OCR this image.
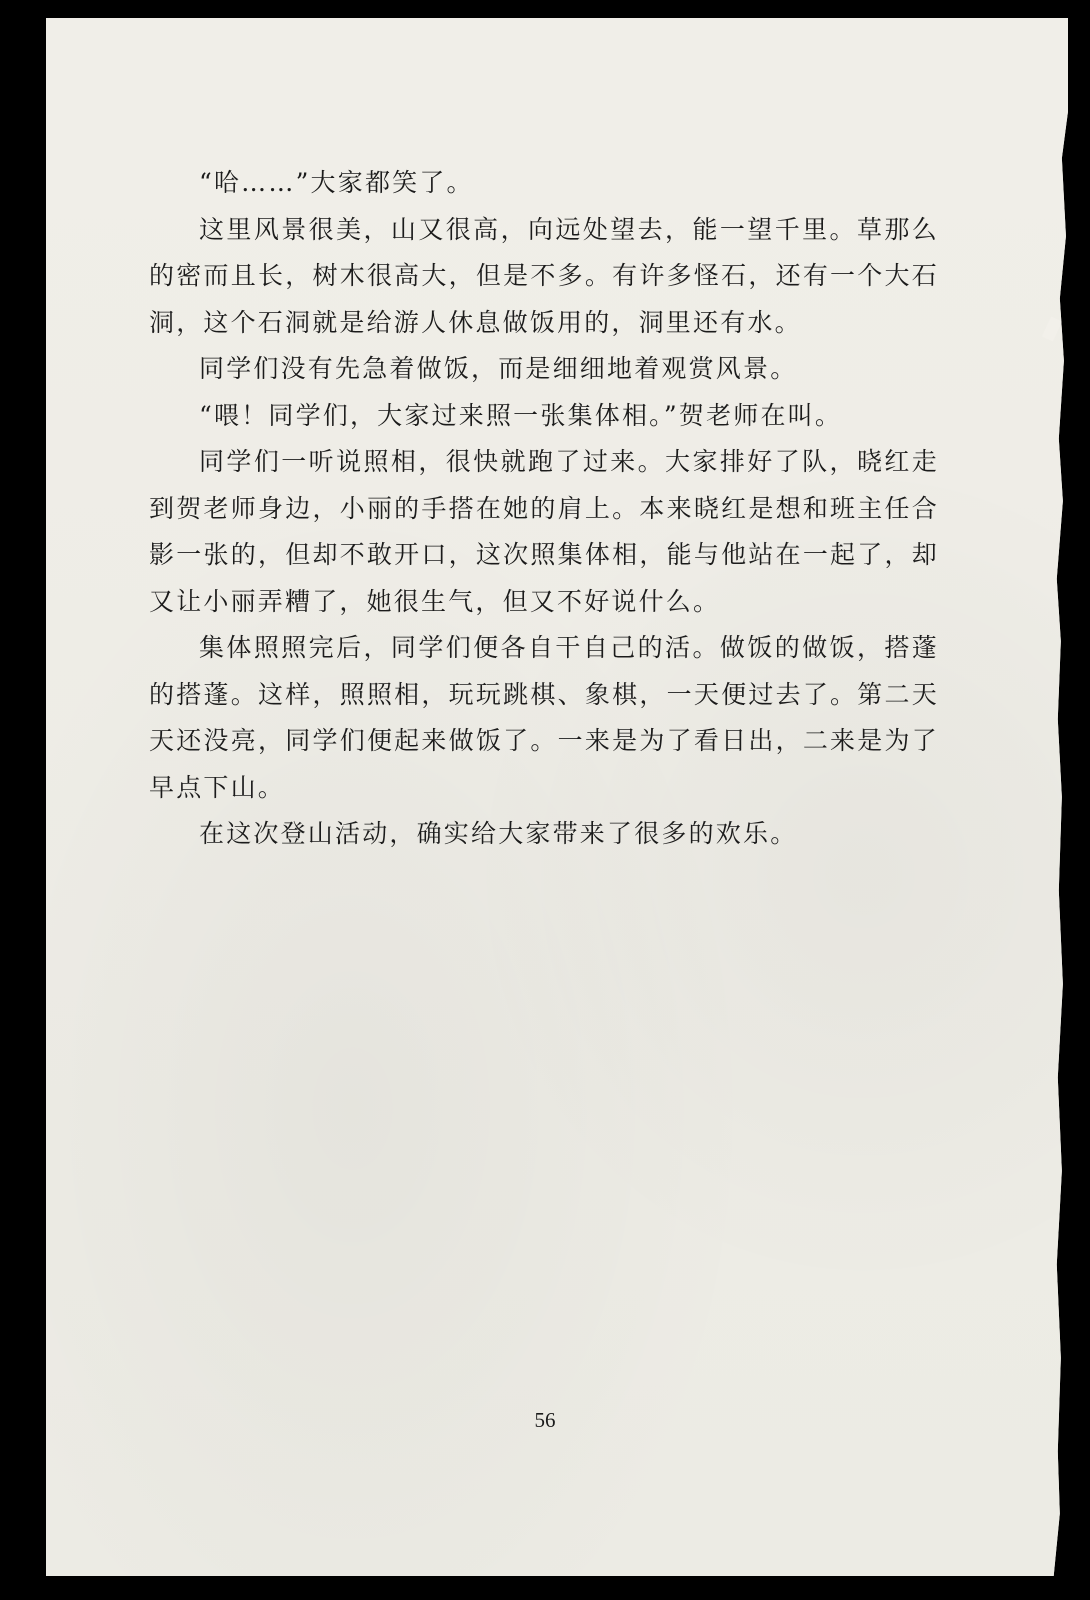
“哈……”大家都笑了。

这里风景很美，山又很高，向远处望去，能一望千里。草那么的密而且长，树木很高大，但是不多。有许多怪石，还有一个大石洞，这个石洞就是给游人休息做饭用的，洞里还有水。

同学们没有先急着做饭，而是细细地着观赏风景。

“喂！同学们，大家过来照一张集体相。”贺老师在叫。

同学们一听说照相，很快就跑了过来。大家排好了队，晓红走到贺老师身边，小丽的手搭在她的肩上。本来晓红是想和班主任合影一张的，但却不敢开口，这次照集体相，能与他站在一起了，却又让小丽弄糟了，她很生气，但又不好说什么。

集体照照完后，同学们便各自干自己的活。做饭的做饭，搭蓬的搭蓬。这样，照照相，玩玩跳棋、象棋，一天便过去了。第二天天还没亮，同学们便起来做饭了。一来是为了看日出，二来是为了早点下山。

在这次登山活动，确实给大家带来了很多的欢乐。

56
